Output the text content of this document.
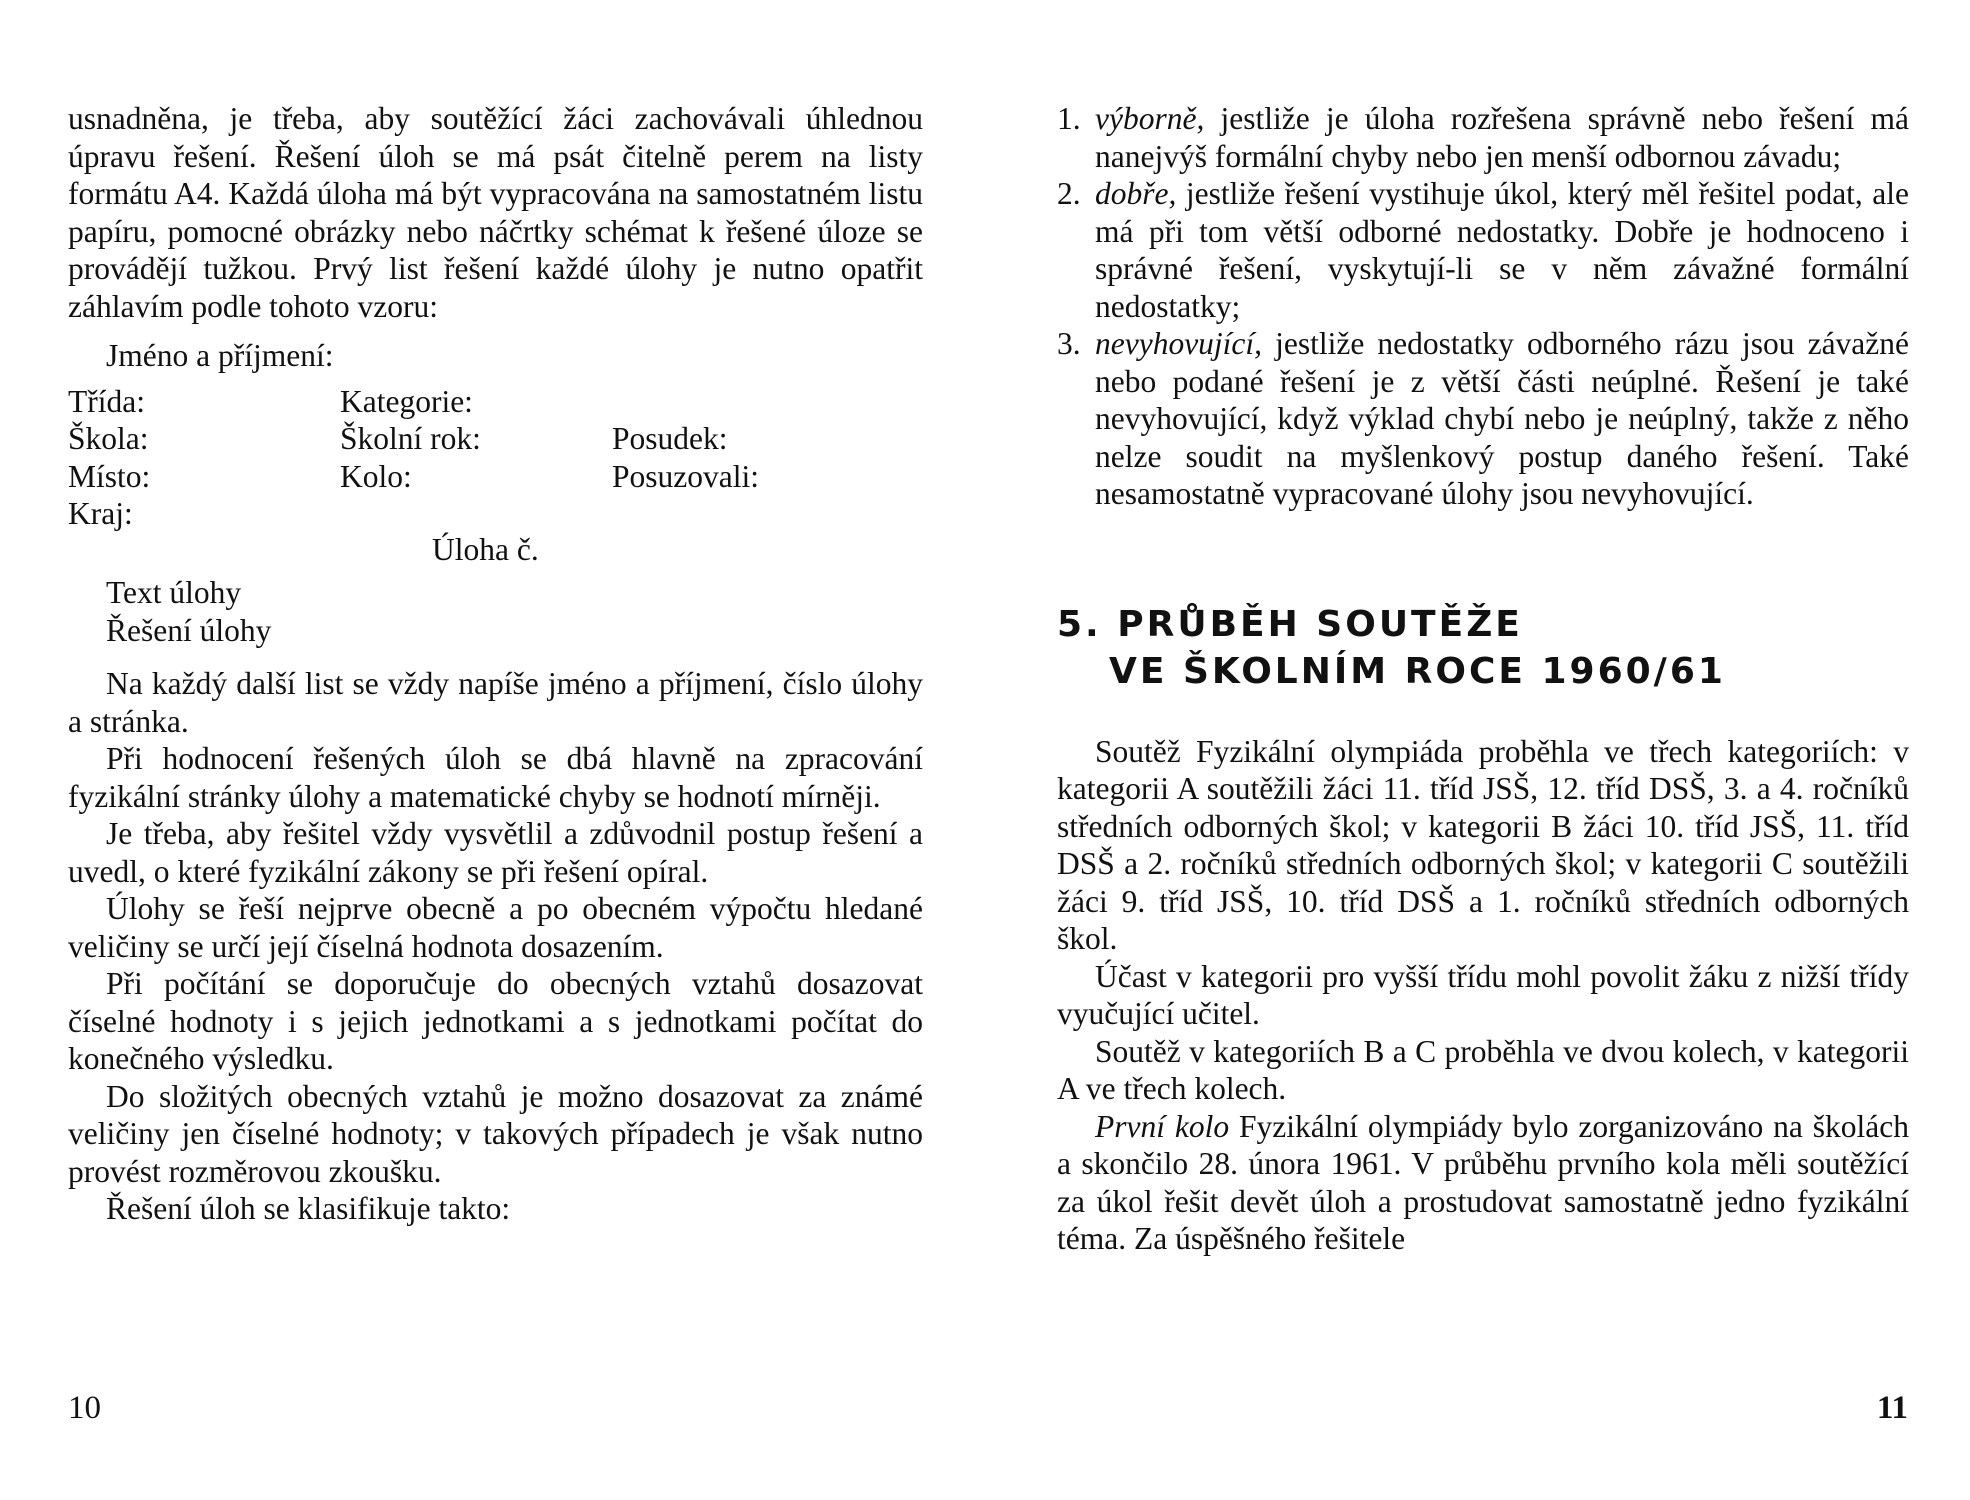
usnadněna, je třeba, aby soutěžící žáci zachovávali úhlednou úpravu řešení. Řešení úloh se má psát čitelně perem na listy formátu A4. Každá úloha má být vypracována na samostatném listu papíru, pomocné obrázky nebo náčrtky schémat k řešené úloze se provádějí tužkou. Prvý list řešení každé úlohy je nutno opatřit záhlavím podle tohoto vzoru:

Jméno a příjmení:
Třída:	Kategorie:
Škola:	Školní rok:	Posudek:
Místo:	Kolo:	Posuzovali:
Kraj:
Úloha č.
Text úlohy
Řešení úlohy

Na každý další list se vždy napíše jméno a příjmení, číslo úlohy a stránka.

Při hodnocení řešených úloh se dbá hlavně na zpracování fyzikální stránky úlohy a matematické chyby se hodnotí mírněji.

Je třeba, aby řešitel vždy vysvětlil a zdůvodnil postup řešení a uvedl, o které fyzikální zákony se při řešení opíral.

Úlohy se řeší nejprve obecně a po obecném výpočtu hledané veličiny se určí její číselná hodnota dosazením.

Při počítání se doporučuje do obecných vztahů dosazovat číselné hodnoty i s jejich jednotkami a s jednotkami počítat do konečného výsledku.

Do složitých obecných vztahů je možno dosazovat za známé veličiny jen číselné hodnoty; v takových případech je však nutno provést rozměrovou zkoušku.

Řešení úloh se klasifikuje takto:

10
1. výborně, jestliže je úloha rozřešena správně nebo řešení má nanejvýš formální chyby nebo jen menší odbornou závadu;
2. dobře, jestliže řešení vystihuje úkol, který měl řešitel podat, ale má při tom větší odborné nedostatky. Dobře je hodnoceno i správné řešení, vyskytují-li se v něm závažné formální nedostatky;
3. nevyhovující, jestliže nedostatky odborného rázu jsou závažné nebo podané řešení je z větší části neúplné. Řešení je také nevyhovující, když výklad chybí nebo je neúplný, takže z něho nelze soudit na myšlenkový postup daného řešení. Také nesamostatně vypracované úlohy jsou nevyhovující.
5. PRŮBĚH SOUTĚŽE
VE ŠKOLNÍM ROCE 1960/61

Soutěž Fyzikální olympiáda proběhla ve třech kategoriích: v kategorii A soutěžili žáci 11. tříd JSŠ, 12. tříd DSŠ, 3. a 4. ročníků středních odborných škol; v kategorii B žáci 10. tříd JSŠ, 11. tříd DSŠ a 2. ročníků středních odborných škol; v kategorii C soutěžili žáci 9. tříd JSŠ, 10. tříd DSŠ a 1. ročníků středních odborných škol.

Účast v kategorii pro vyšší třídu mohl povolit žáku z nižší třídy vyučující učitel.

Soutěž v kategoriích B a C proběhla ve dvou kolech, v kategorii A ve třech kolech.

První kolo Fyzikální olympiády bylo zorganizováno na školách a skončilo 28. února 1961. V průběhu prvního kola měli soutěžící za úkol řešit devět úloh a prostudovat samostatně jedno fyzikální téma. Za úspěšného řešitele

11
